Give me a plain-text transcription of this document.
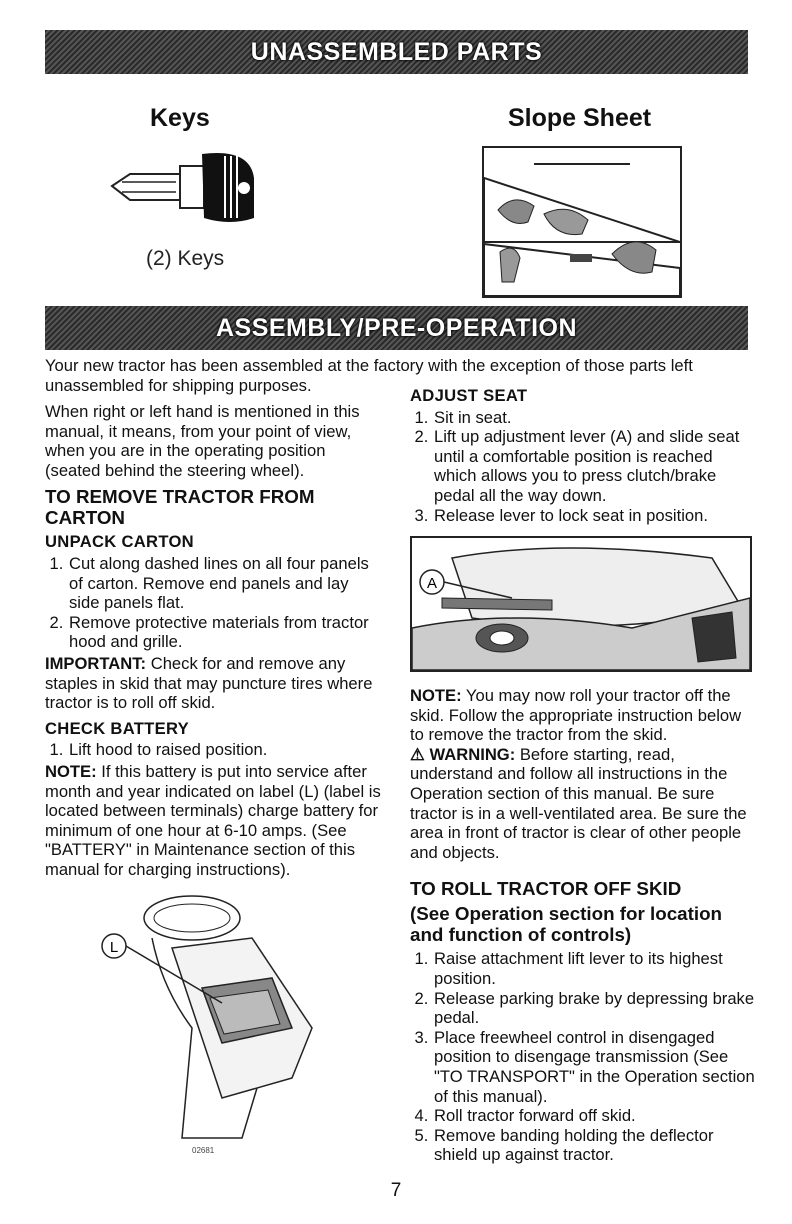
UNASSEMBLED PARTS
Keys	Slope Sheet
(2) Keys
ASSEMBLY/PRE-OPERATION
Your new tractor has been assembled at the factory with the exception of those parts left
unassembled for shipping purposes.

When right or left hand is mentioned in this manual, it means, from your point of view, when you are in the operating position (seated behind the steering wheel).

TO REMOVE TRACTOR FROM CARTON
UNPACK CARTON
1. Cut along dashed lines on all four panels of carton. Remove end panels and lay side panels flat.
2. Remove protective materials from tractor hood and grille.

IMPORTANT: Check for and remove any staples in skid that may puncture tires where tractor is to roll off skid.

CHECK BATTERY
1. Lift hood to raised position.

NOTE: If this battery is put into service after month and year indicated on label (L) (label is located between terminals) charge battery for minimum of one hour at 6-10 amps. (See "BATTERY" in Maintenance section of this manual for charging instructions).

L
02681
ADJUST SEAT
1. Sit in seat.
2. Lift up adjustment lever (A) and slide seat until a comfortable position is reached which allows you to press clutch/brake pedal all the way down.
3. Release lever to lock seat in position.
A

NOTE: You may now roll your tractor off the skid. Follow the appropriate instruction below to remove the tractor from the skid.

⚠ WARNING: Before starting, read, understand and follow all instructions in the Operation section of this manual. Be sure tractor is in a well-ventilated area. Be sure the area in front of tractor is clear of other people and objects.

TO ROLL TRACTOR OFF SKID
(See Operation section for location and function of controls)
1. Raise attachment lift lever to its highest position.
2. Release parking brake by depressing brake pedal.
3. Place freewheel control in disengaged position to disengage transmission (See "TO TRANSPORT" in the Operation section of this manual).
4. Roll tractor forward off skid.
5. Remove banding holding the deflector shield up against tractor.
7
